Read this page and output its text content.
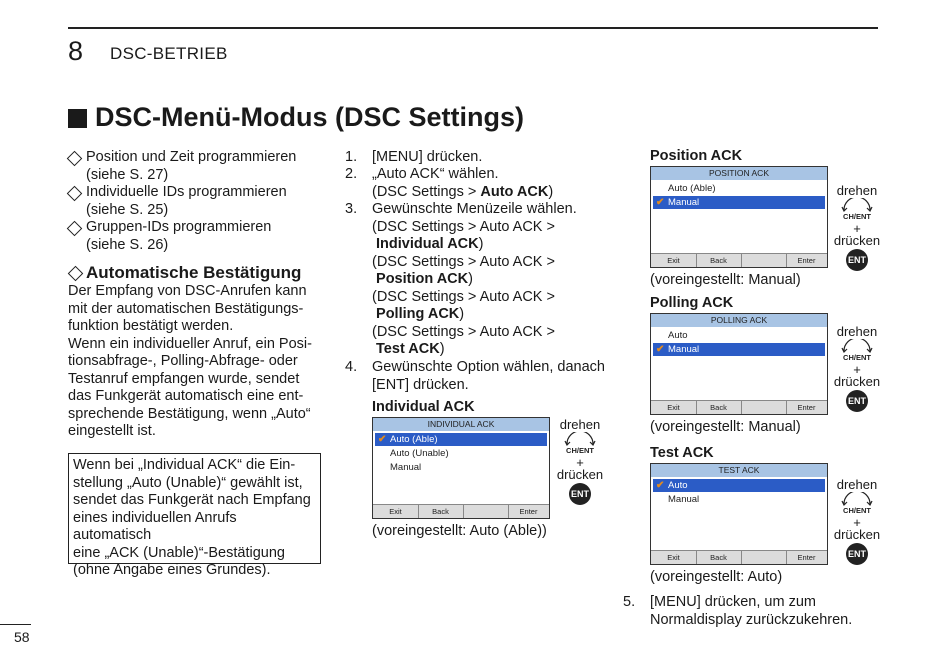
8 DSC-BETRIEB
DSC-Menü-Modus (DSC Settings)
Position und Zeit programmieren
(siehe S. 27)
Individuelle IDs programmieren
(siehe S. 25)
Gruppen-IDs programmieren
(siehe S. 26)
Automatische Bestätigung
Der Empfang von DSC-Anrufen kann
mit der automatischen Bestätigungs-
funktion bestätigt werden.
Wenn ein individueller Anruf, ein Posi-
tionsabfrage-, Polling-Abfrage- oder
Testanruf empfangen wurde, sendet
das Funkgerät automatisch eine ent-
sprechende Bestätigung, wenn „Auto“
eingestellt ist.
Wenn bei „Individual ACK“ die Ein-
stellung „Auto (Unable)“ gewählt ist,
sendet das Funkgerät nach Empfang
eines individuellen Anrufs automatisch
eine „ACK (Unable)“-Bestätigung
(ohne Angabe eines Grundes).
1.	[MENU] drücken.
2.	„Auto ACK“ wählen.
(DSC Settings > Auto ACK)
3.	Gewünschte Menüzeile wählen.
(DSC Settings > Auto ACK >
Individual ACK)
(DSC Settings > Auto ACK >
Position ACK)
(DSC Settings > Auto ACK >
Polling ACK)
(DSC Settings > Auto ACK >
Test ACK)
4.	Gewünschte Option wählen, danach
[ENT] drücken.
Individual ACK
INDIVIDUAL ACK
✔ Auto (Able)
Auto (Unable)
Manual
Exit	Back	Enter
(voreingestellt: Auto (Able))
drehen
CH/ENT
+
drücken
ENT
5.	[MENU] drücken, um zum
Normaldisplay zurückzukehren.
Position ACK
POSITION ACK
Auto (Able)
✔ Manual
Exit	Back	Enter
(voreingestellt: Manual)
drehen
CH/ENT
+
drücken
ENT
Polling ACK
POLLING ACK
Auto
✔ Manual
Exit	Back	Enter
(voreingestellt: Manual)
drehen
CH/ENT
+
drücken
ENT
Test ACK
TEST ACK
✔ Auto
Manual
Exit	Back	Enter
(voreingestellt: Auto)
drehen
CH/ENT
+
drücken
ENT
58
